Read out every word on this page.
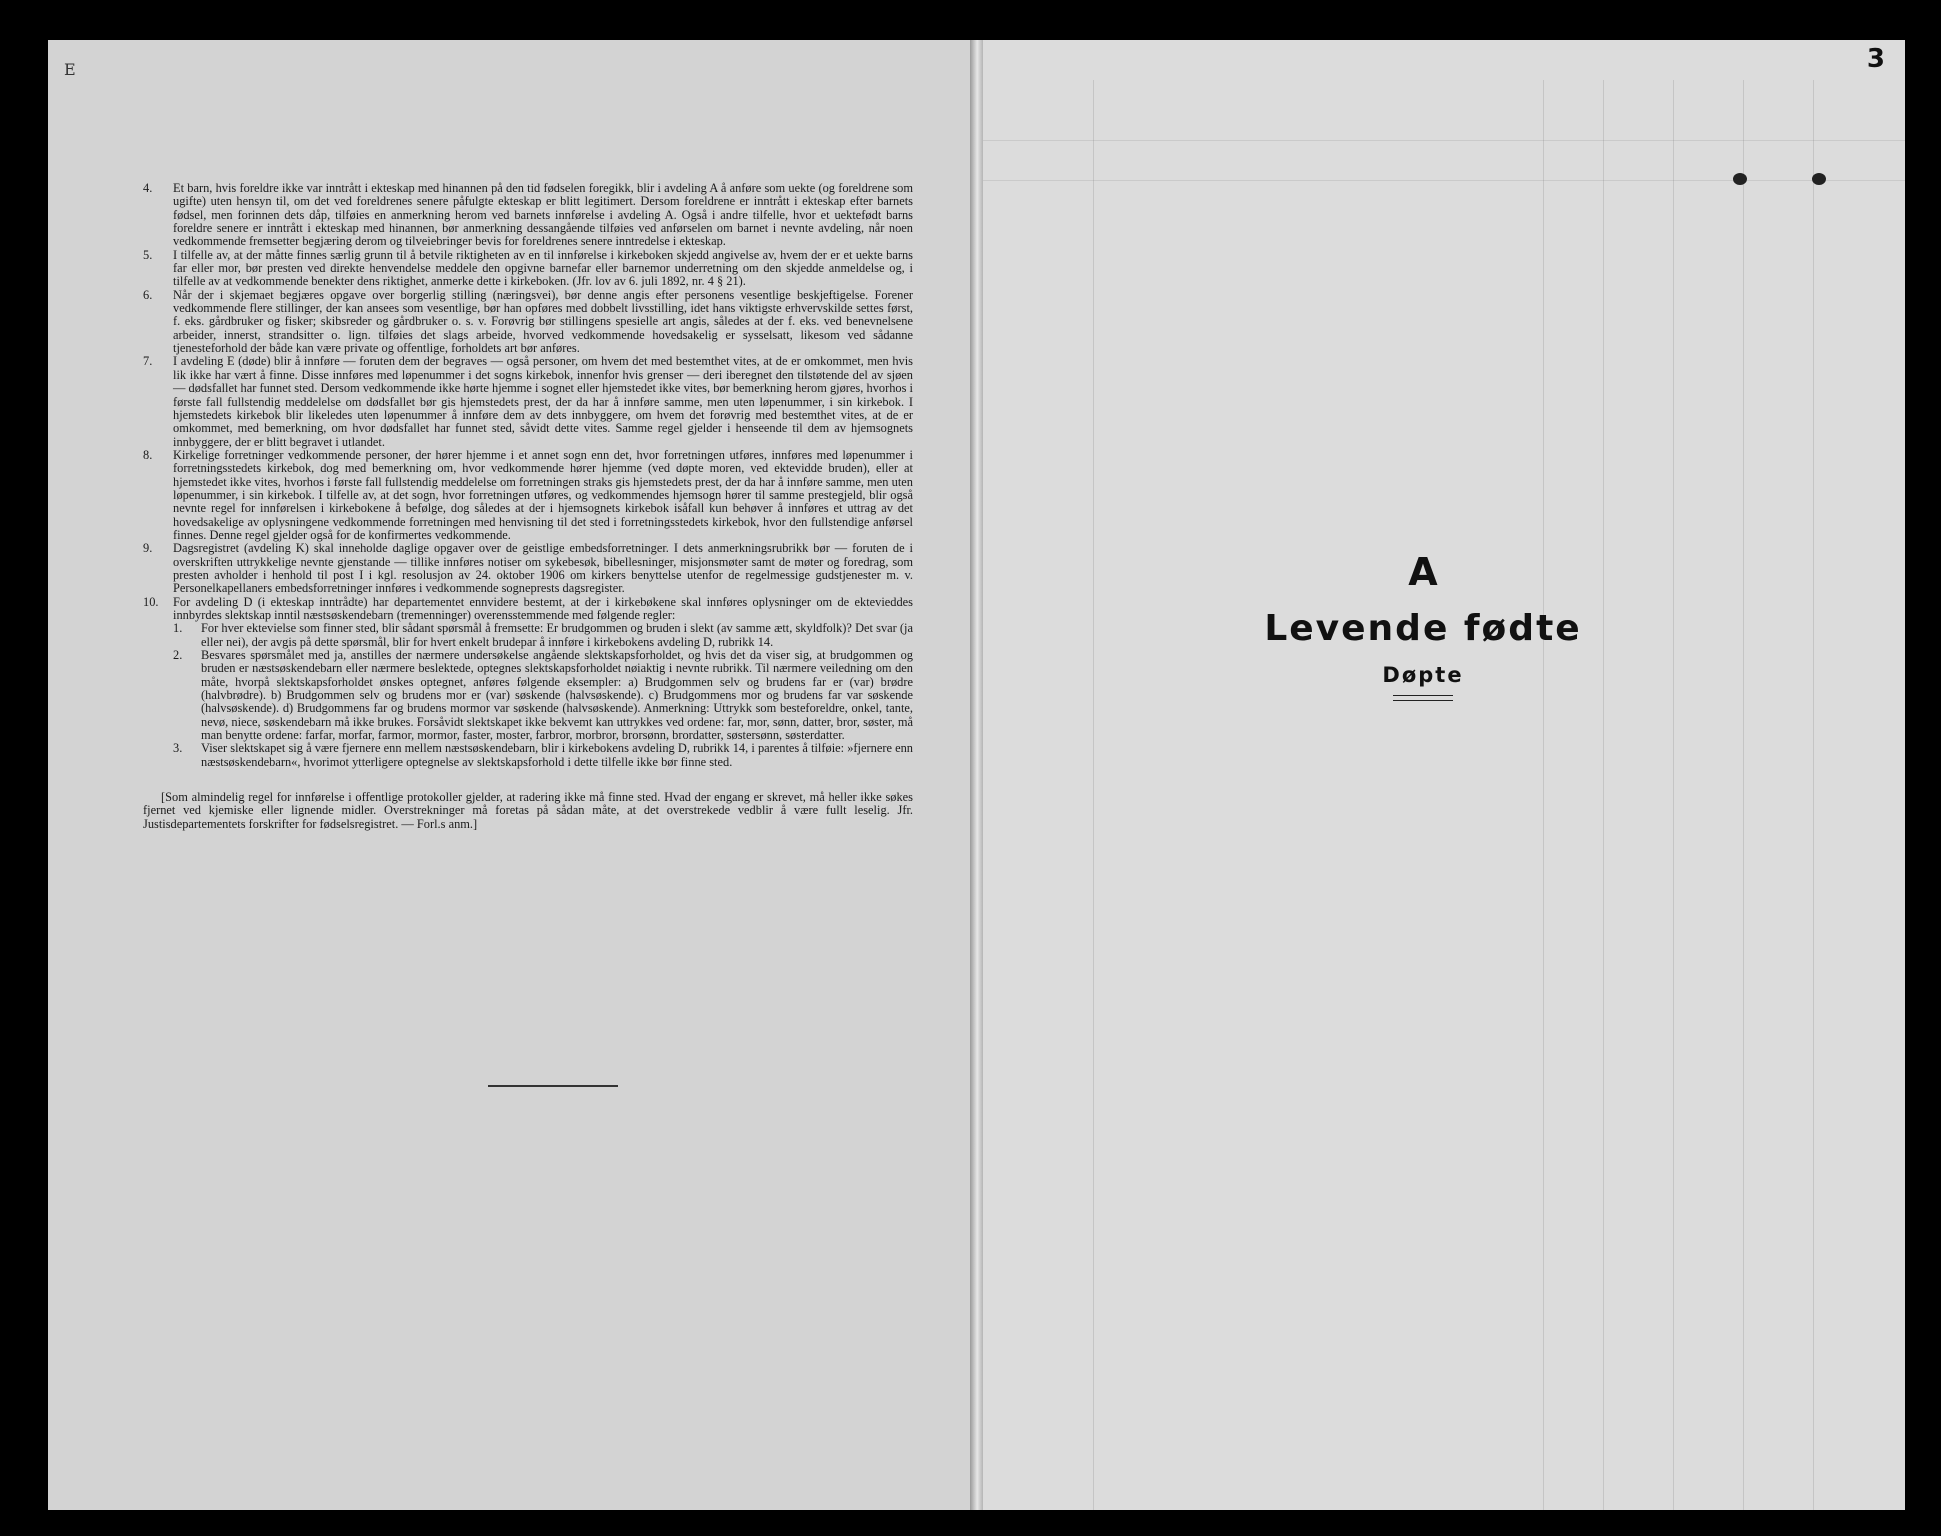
E
4.	Et barn, hvis foreldre ikke var inntrått i ekteskap med hinannen på den tid fødselen foregikk, blir i avdeling A å anføre som uekte (og foreldrene som ugifte) uten hensyn til, om det ved foreldrenes senere påfulgte ekteskap er blitt legitimert. Dersom foreldrene er inntrått i ekteskap efter barnets fødsel, men forinnen dets dåp, tilføies en anmerkning herom ved barnets innførelse i avdeling A. Også i andre tilfelle, hvor et uektefødt barns foreldre senere er inntrått i ekteskap med hinannen, bør anmerkning dessangående tilføies ved anførselen om barnet i nevnte avdeling, når noen vedkommende fremsetter begjæring derom og tilveiebringer bevis for foreldrenes senere inntredelse i ekteskap.
5.	I tilfelle av, at der måtte finnes særlig grunn til å betvile riktigheten av en til innførelse i kirkeboken skjedd angivelse av, hvem der er et uekte barns far eller mor, bør presten ved direkte henvendelse meddele den opgivne barnefar eller barnemor underretning om den skjedde anmeldelse og, i tilfelle av at vedkommende benekter dens riktighet, anmerke dette i kirkeboken. (Jfr. lov av 6. juli 1892, nr. 4 § 21).
6.	Når der i skjemaet begjæres opgave over borgerlig stilling (næringsvei), bør denne angis efter personens vesentlige beskjeftigelse. Forener vedkommende flere stillinger, der kan ansees som vesentlige, bør han opføres med dobbelt livsstilling, idet hans viktigste erhvervskilde settes først, f. eks. gårdbruker og fisker; skibsreder og gårdbruker o. s. v. Forøvrig bør stillingens spesielle art angis, således at der f. eks. ved benevnelsene arbeider, innerst, strandsitter o. lign. tilføies det slags arbeide, hvorved vedkommende hovedsakelig er sysselsatt, likesom ved sådanne tjenesteforhold der både kan være private og offentlige, forholdets art bør anføres.
7.	I avdeling E (døde) blir å innføre — foruten dem der begraves — også personer, om hvem det med bestemthet vites, at de er omkommet, men hvis lik ikke har vært å finne. Disse innføres med løpenummer i det sogns kirkebok, innenfor hvis grenser — deri iberegnet den tilstøtende del av sjøen — dødsfallet har funnet sted. Dersom vedkommende ikke hørte hjemme i sognet eller hjemstedet ikke vites, bør bemerkning herom gjøres, hvorhos i første fall fullstendig meddelelse om dødsfallet bør gis hjemstedets prest, der da har å innføre samme, men uten løpenummer, i sin kirkebok. I hjemstedets kirkebok blir likeledes uten løpenummer å innføre dem av dets innbyggere, om hvem det forøvrig med bestemthet vites, at de er omkommet, med bemerkning, om hvor dødsfallet har funnet sted, såvidt dette vites. Samme regel gjelder i henseende til dem av hjemsognets innbyggere, der er blitt begravet i utlandet.
8.	Kirkelige forretninger vedkommende personer, der hører hjemme i et annet sogn enn det, hvor forretningen utføres, innføres med løpenummer i forretningsstedets kirkebok, dog med bemerkning om, hvor vedkommende hører hjemme (ved døpte moren, ved ektevidde bruden), eller at hjemstedet ikke vites, hvorhos i første fall fullstendig meddelelse om forretningen straks gis hjemstedets prest, der da har å innføre samme, men uten løpenummer, i sin kirkebok. I tilfelle av, at det sogn, hvor forretningen utføres, og vedkommendes hjemsogn hører til samme prestegjeld, blir også nevnte regel for innførelsen i kirkebokene å befølge, dog således at der i hjemsognets kirkebok isåfall kun behøver å innføres et uttrag av det hovedsakelige av oplysningene vedkommende forretningen med henvisning til det sted i forretningsstedets kirkebok, hvor den fullstendige anførsel finnes. Denne regel gjelder også for de konfirmertes vedkommende.
9.	Dagsregistret (avdeling K) skal inneholde daglige opgaver over de geistlige embedsforretninger. I dets anmerkningsrubrikk bør — foruten de i overskriften uttrykkelige nevnte gjenstande — tillike innføres notiser om sykebesøk, bibellesninger, misjonsmøter samt de møter og foredrag, som presten avholder i henhold til post I i kgl. resolusjon av 24. oktober 1906 om kirkers benyttelse utenfor de regelmessige gudstjenester m. v. Personelkapellaners embedsforretninger innføres i vedkommende sogneprests dagsregister.
10.	For avdeling D (i ekteskap inntrådte) har departementet ennvidere bestemt, at der i kirkebøkene skal innføres oplysninger om de ektevieddes innbyrdes slektskap inntil næstsøskendebarn (tremenninger) overensstemmende med følgende regler:
1.	For hver ektevielse som finner sted, blir sådant spørsmål å fremsette: Er brudgommen og bruden i slekt (av samme ætt, skyldfolk)? Det svar (ja eller nei), der avgis på dette spørsmål, blir for hvert enkelt brudepar å innføre i kirkebokens avdeling D, rubrikk 14.
2.	Besvares spørsmålet med ja, anstilles der nærmere undersøkelse angående slektskapsforholdet, og hvis det da viser sig, at brudgommen og bruden er næstsøskendebarn eller nærmere beslektede, optegnes slektskapsforholdet nøiaktig i nevnte rubrikk. Til nærmere veiledning om den måte, hvorpå slektskapsforholdet ønskes optegnet, anføres følgende eksempler: a) Brudgommen selv og brudens far er (var) brødre (halvbrødre). b) Brudgommen selv og brudens mor er (var) søskende (halvsøskende). c) Brudgommens mor og brudens far var søskende (halvsøskende). d) Brudgommens far og brudens mormor var søskende (halvsøskende). Anmerkning: Uttrykk som besteforeldre, onkel, tante, nevø, niece, søskendebarn må ikke brukes. Forsåvidt slektskapet ikke bekvemt kan uttrykkes ved ordene: far, mor, sønn, datter, bror, søster, må man benytte ordene: farfar, morfar, farmor, mormor, faster, moster, farbror, morbror, brorsønn, brordatter, søstersønn, søsterdatter.
3.	Viser slektskapet sig å være fjernere enn mellem næstsøskendebarn, blir i kirkebokens avdeling D, rubrikk 14, i parentes å tilføie: »fjernere enn næstsøskendebarn«, hvorimot ytterligere optegnelse av slektskapsforhold i dette tilfelle ikke bør finne sted.
[Som almindelig regel for innførelse i offentlige protokoller gjelder, at radering ikke må finne sted. Hvad der engang er skrevet, må heller ikke søkes fjernet ved kjemiske eller lignende midler. Overstrekninger må foretas på sådan måte, at det overstrekede vedblir å være fullt leselig. Jfr. Justisdepartementets forskrifter for fødselsregistret. — Forl.s anm.]

3
A
Levende fødte
Døpte
